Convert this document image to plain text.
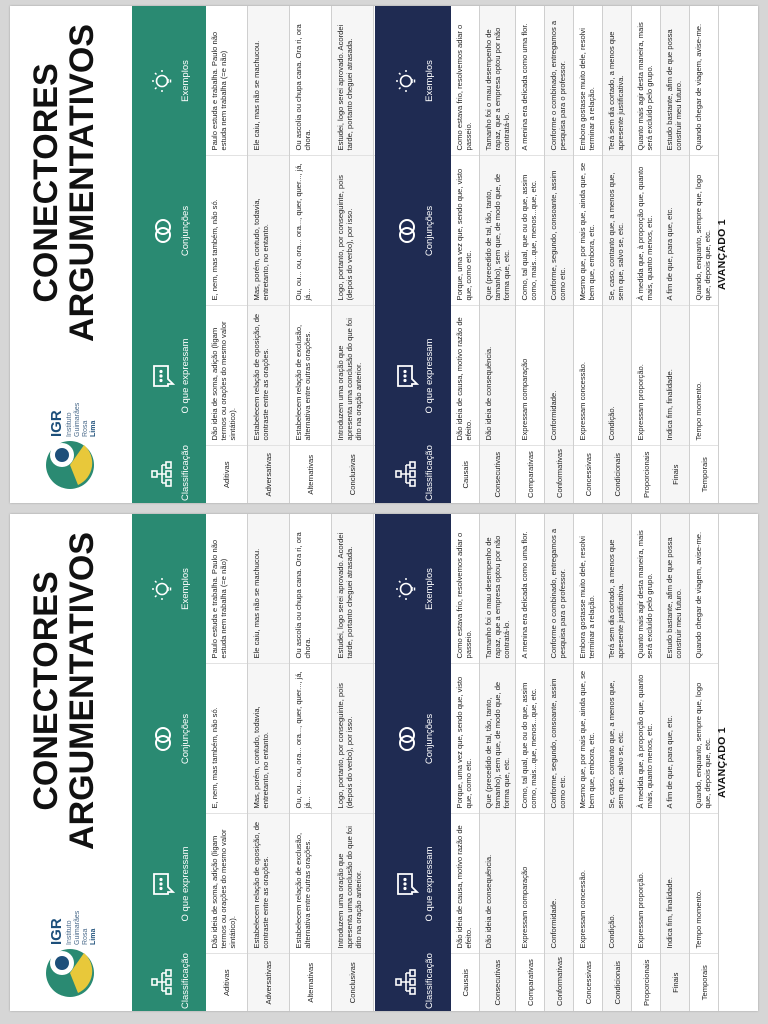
IGR Instituto Guimarães Rosa Lima
CONECTORES
ARGUMENTATIVOS
Classificação	O que expressam	Conjunções	Exemplos
Aditivas	Dão ideia de soma, adição (ligam termos ou orações do mesmo valor sintático).	E, nem, mas também, não só.	Paulo estuda e trabalha. Paulo não estuda nem trabalha (=e não)
Adversativas	Estabelecem relação de oposição, de contraste entre as orações.	Mas, porém, contudo, todavia, entretanto, no entanto.	Ele caiu, mas não se machucou.
Alternativas	Estabelecem relação de exclusão, alternativa entre outras orações.	Ou, ou... ou, ora... ora..., quer, quer..., já, já...	Ou ascolia ou chupa cana. Ora ri, ora chora.
Conclusivas	Introduzem uma oração que apresenta uma conclusão do que foi dito na oração anterior.	Logo, portanto, por conseguinte, pois (depois do verbo), por isso.	Estudei, logo serei aprovado. Acordei tarde, portanto cheguei atrasada.

Classificação	O que expressam	Conjunções	Exemplos
Causais	Dão ideia de causa, motivo razão de efeito.	Porque, uma vez que, sendo que, visto que, como etc.	Como estava frio, resolvemos adiar o passeio.
Consecutivas	Dão ideia de consequência.	Que (precedido de tal, tão, tanto, tamanho), sem que, de modo que, de forma que, etc.	Tamanho foi o mau desempenho de rapaz, que a empresa optou por não contratá-lo.
Comparativas	Expressam comparação	Como, tal qual, que ou do que, assim como, mais...que, menos...que, etc.	A menina era delicada como uma flor.
Conformativas	Conformidade.	Conforme, segundo, consoante, assim como etc.	Conforme o combinado, entregamos a pesquisa para o professor.
Concessivas	Expressam concessão.	Mesmo que, por mais que, ainda que, se bem que, embora, etc.	Embora gostasse muito dele, resolvi terminar a relação.
Condicionais	Condição.	Se, caso, contanto que, a menos que, sem que, salvo se, etc.	Terá sem dia cortado, a menos que apresente justificativa.
Proporcionais	Expressam proporção.	À medida que, à proporção que, quanto mais, quanto menos, etc.	Quanto mais agir desta maneira, mais será excluído pelo grupo.
Finais	Indica fim, finalidade.	A fim de que, para que, etc.	Estudo bastante, afim de que possa construir meu futuro.
Temporais	Tempo momento.	Quando, enquanto, sempre que, logo que, depois que, etc.	Quando chegar de viagem, avise-me.
AVANÇADO 1
IGR Instituto Guimarães Rosa Lima
CONECTORES
ARGUMENTATIVOS
Classificação	O que expressam	Conjunções	Exemplos
Aditivas	Dão ideia de soma, adição (ligam termos ou orações do mesmo valor sintático).	E, nem, mas também, não só.	Paulo estuda e trabalha. Paulo não estuda nem trabalha (=e não)
Adversativas	Estabelecem relação de oposição, de contraste entre as orações.	Mas, porém, contudo, todavia, entretanto, no entanto.	Ele caiu, mas não se machucou.
Alternativas	Estabelecem relação de exclusão, alternativa entre outras orações.	Ou, ou... ou, ora... ora..., quer, quer..., já, já...	Ou ascolia ou chupa cana. Ora ri, ora chora.
Conclusivas	Introduzem uma oração que apresenta uma conclusão do que foi dito na oração anterior.	Logo, portanto, por conseguinte, pois (depois do verbo), por isso.	Estudei, logo serei aprovado. Acordei tarde, portanto cheguei atrasada.

Classificação	O que expressam	Conjunções	Exemplos
Causais	Dão ideia de causa, motivo razão de efeito.	Porque, uma vez que, sendo que, visto que, como etc.	Como estava frio, resolvemos adiar o passeio.
Consecutivas	Dão ideia de consequência.	Que (precedido de tal, tão, tanto, tamanho), sem que, de modo que, de forma que, etc.	Tamanho foi o mau desempenho de rapaz, que a empresa optou por não contratá-lo.
Comparativas	Expressam comparação	Como, tal qual, que ou do que, assim como, mais...que, menos...que, etc.	A menina era delicada como uma flor.
Conformativas	Conformidade.	Conforme, segundo, consoante, assim como etc.	Conforme o combinado, entregamos a pesquisa para o professor.
Concessivas	Expressam concessão.	Mesmo que, por mais que, ainda que, se bem que, embora, etc.	Embora gostasse muito dele, resolvi terminar a relação.
Condicionais	Condição.	Se, caso, contanto que, a menos que, sem que, salvo se, etc.	Terá sem dia cortado, a menos que apresente justificativa.
Proporcionais	Expressam proporção.	À medida que, à proporção que, quanto mais, quanto menos, etc.	Quanto mais agir desta maneira, mais será excluído pelo grupo.
Finais	Indica fim, finalidade.	A fim de que, para que, etc.	Estudo bastante, afim de que possa construir meu futuro.
Temporais	Tempo momento.	Quando, enquanto, sempre que, logo que, depois que, etc.	Quando chegar de viagem, avise-me.
AVANÇADO 1
